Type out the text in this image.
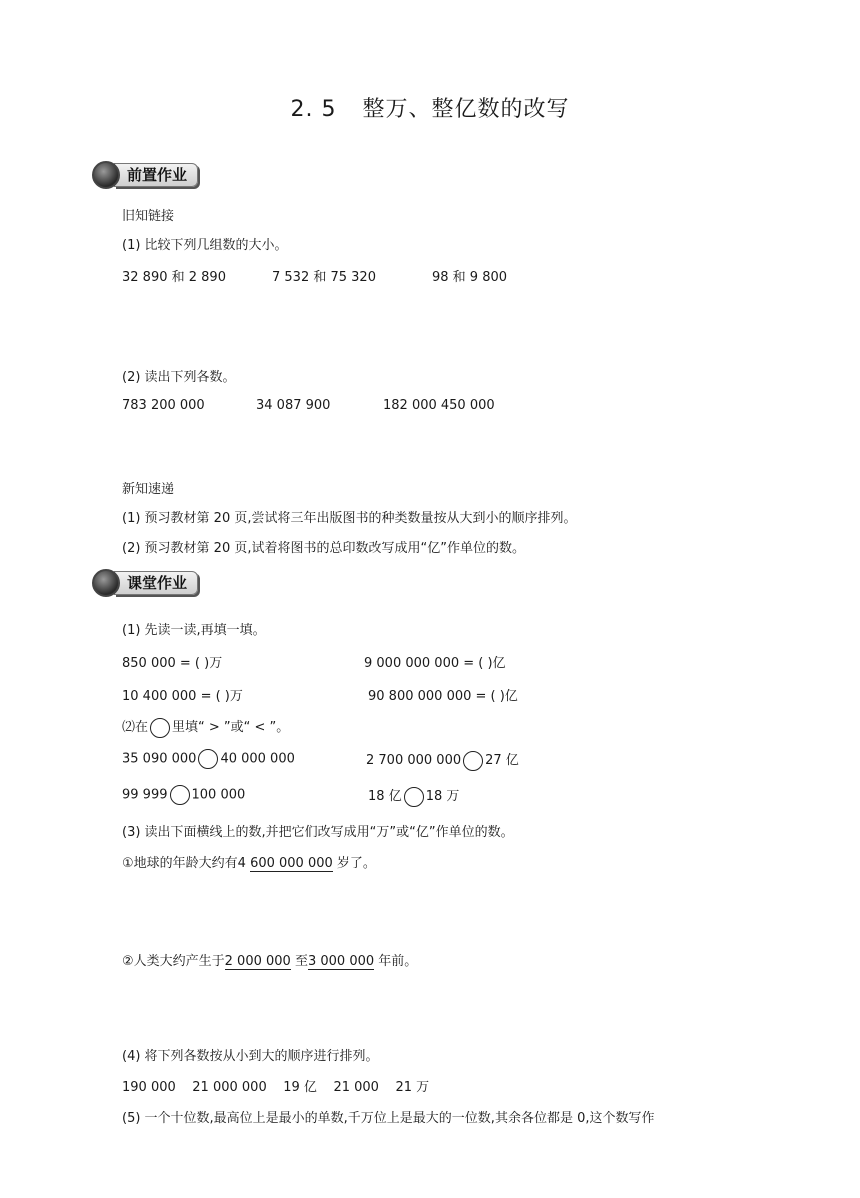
2. 5 整万、整亿数的改写
前置作业
旧知链接
(1) 比较下列几组数的大小。
32 890 和 2 890	7 532 和 75 320	98 和 9 800
(2) 读出下列各数。
783 200 000	34 087 900	182 000 450 000
新知速递
(1) 预习教材第 20 页,尝试将三年出版图书的种类数量按从大到小的顺序排列。
(2) 预习教材第 20 页,试着将图书的总印数改写成用“亿”作单位的数。
课堂作业
(1) 先读一读,再填一填。
850 000 = ( )万	9 000 000 000 = ( )亿
10 400 000 = ( )万	90 800 000 000 = ( )亿
⑵在 里填“ > ”或“ < ”。
35 090 000 40 000 000	2 700 000 000 27 亿
99 999 100 000	18 亿 18 万
(3) 读出下面横线上的数,并把它们改写成用“万”或“亿”作单位的数。
①地球的年龄大约有4 600 000 000 岁了。
②人类大约产生于2 000 000 至3 000 000 年前。
(4) 将下列各数按从小到大的顺序进行排列。
190 000    21 000 000    19 亿    21 000    21 万
(5) 一个十位数,最高位上是最小的单数,千万位上是最大的一位数,其余各位都是 0,这个数写作
